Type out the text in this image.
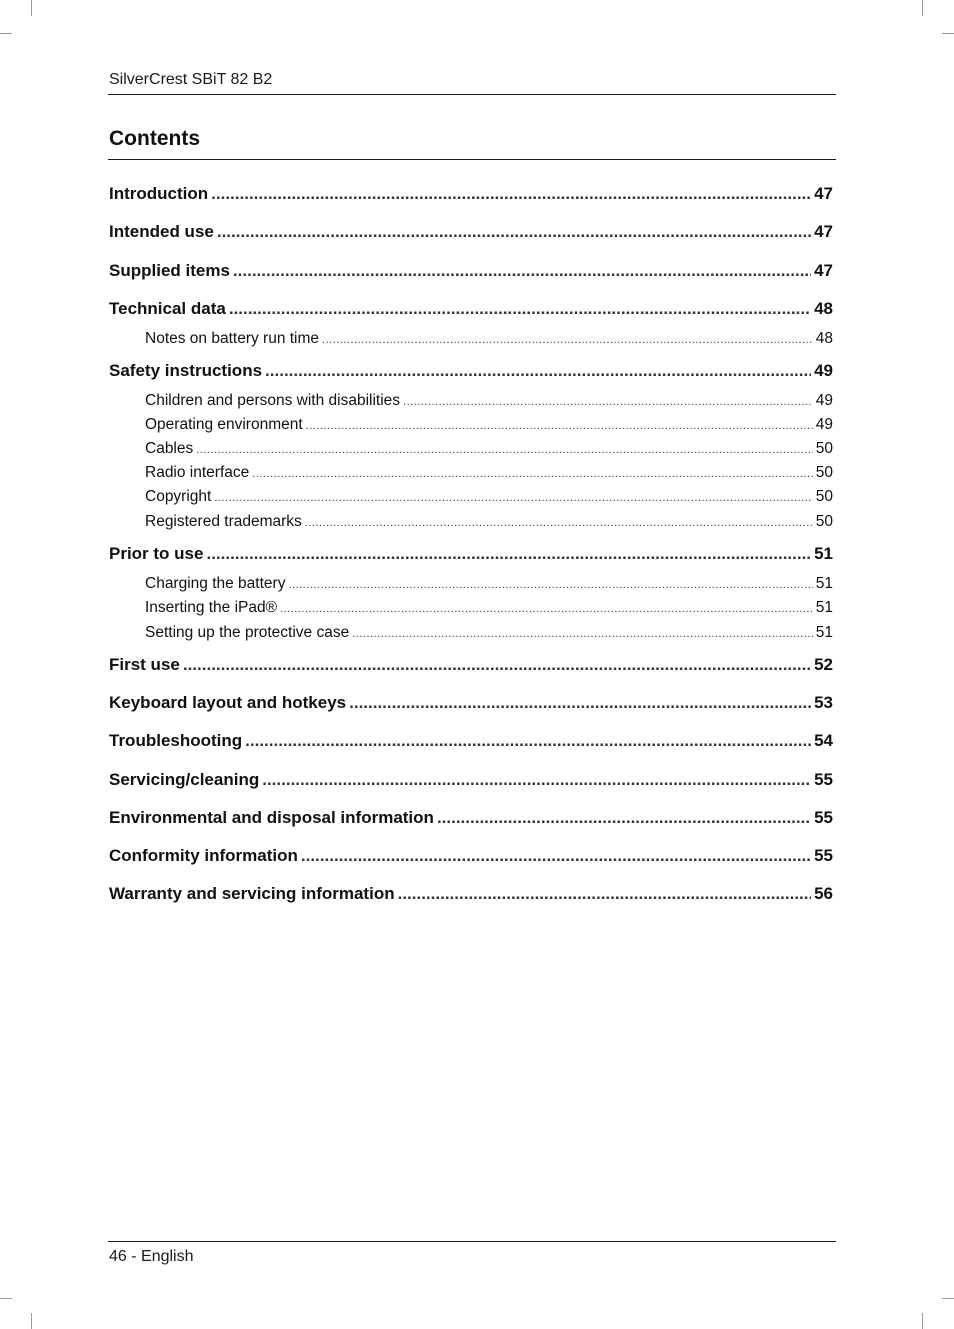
SilverCrest SBiT 82 B2
Contents
Introduction .....	47
Intended use .....	47
Supplied items .....	47
Technical data .....	48
Notes on battery run time .....	48
Safety instructions .....	49
Children and persons with disabilities .....	49
Operating environment .....	49
Cables .....	50
Radio interface .....	50
Copyright .....	50
Registered trademarks .....	50
Prior to use .....	51
Charging the battery .....	51
Inserting the iPad® .....	51
Setting up the protective case .....	51
First use .....	52
Keyboard layout and hotkeys .....	53
Troubleshooting .....	54
Servicing/cleaning .....	55
Environmental and disposal information .....	55
Conformity information .....	55
Warranty and servicing information .....	56
46 - English
